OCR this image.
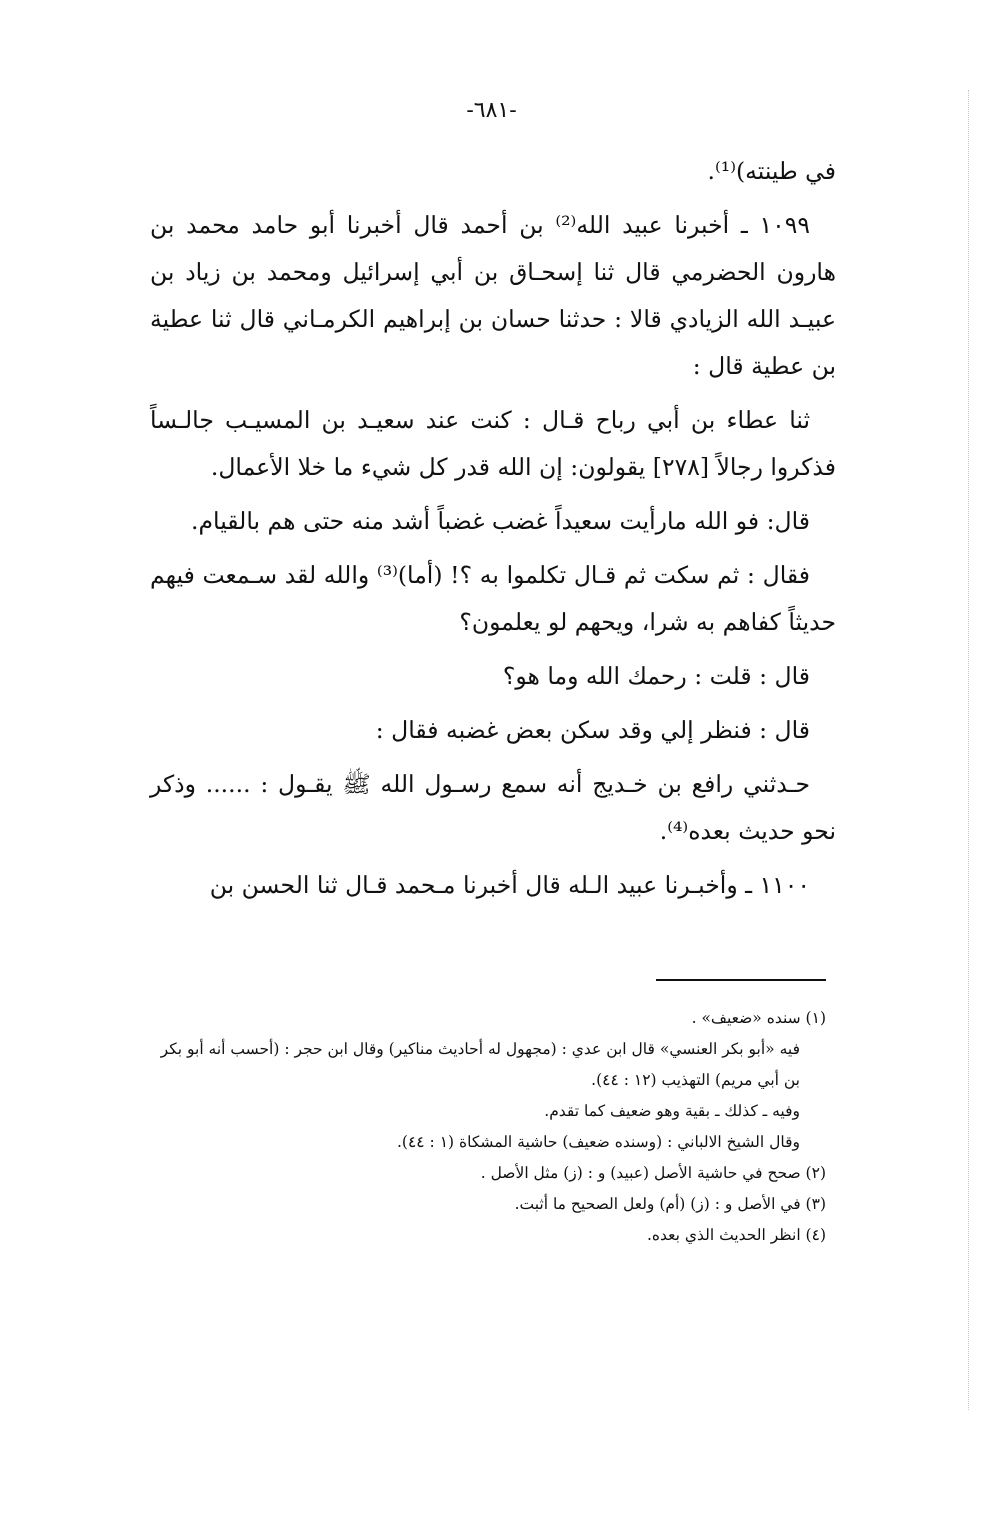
-٦٨١-

في طينته)⁽¹⁾.

١٠٩٩ ـ أخبرنا عبيد الله⁽²⁾ بن أحمد قال أخبرنا أبو حامد محمد بن هارون الحضرمي قال ثنا إسحـاق بن أبي إسرائيل ومحمد بن زياد بن عبيـد الله الزيادي قالا : حدثنا حسان بن إبراهيم الكرمـاني قال ثنا عطية بن عطية قال :

ثنا عطاء بن أبي رباح قـال : كنت عند سعيـد بن المسيـب جالـساً فذكروا رجالاً [٢٧٨] يقولون: إن الله قدر كل شيء ما خلا الأعمال.

قال: فو الله مارأيت سعيداً غضب غضباً أشد منه حتى هم بالقيام.

فقال : ثم سكت ثم قـال تكلموا به ؟! (أما)⁽³⁾ والله لقد سـمعت فيهم حديثاً كفاهم به شرا، ويحهم لو يعلمون؟

قال : قلت : رحمك الله وما هو؟

قال : فنظر إلي وقد سكن بعض غضبه فقال :

حـدثني رافع بن خـديج أنه سمع رسـول الله ﷺ يقـول : ...... وذكر نحو حديث بعده⁽⁴⁾.

١١٠٠ ـ وأخبـرنا عبيد الـله قال أخبرنا مـحمد قـال ثنا الحسن بن

(١) سنده «ضعيف» .

فيه «أبو بكر العنسي» قال ابن عدي : (مجهول له أحاديث مناكير) وقال ابن حجر : (أحسب أنه أبو بكر بن أبي مريم) التهذيب (١٢ : ٤٤).

وفيه ـ كذلك ـ بقية وهو ضعيف كما تقدم.

وقال الشيخ الالباني : (وسنده ضعيف) حاشية المشكاة (١ : ٤٤).

(٢) صحح في حاشية الأصل (عبيد) و : (ز) مثل الأصل .

(٣) في الأصل و : (ز) (أم) ولعل الصحيح ما أثبت.

(٤) انظر الحديث الذي بعده.
